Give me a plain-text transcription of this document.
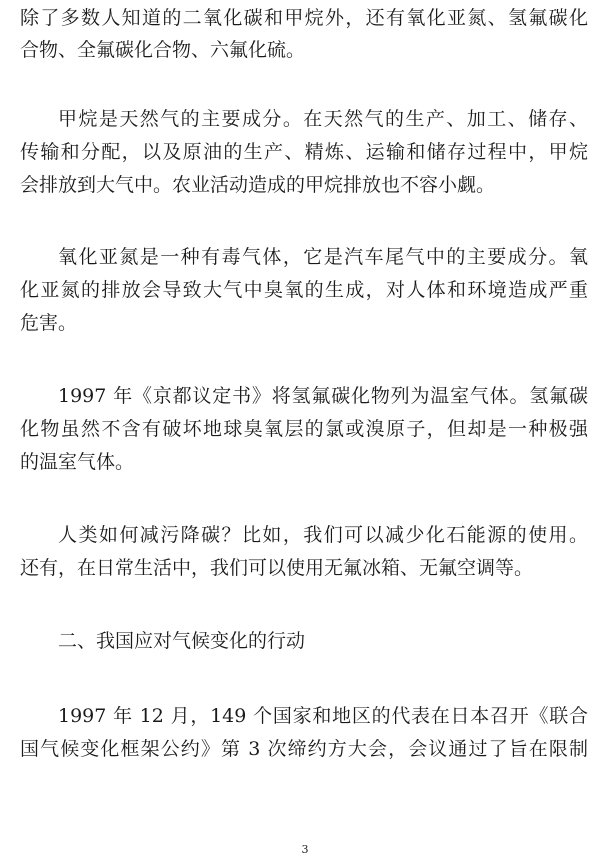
除了多数人知道的二氧化碳和甲烷外，还有氧化亚氮、氢氟碳化
合物、全氟碳化合物、六氟化硫。
甲烷是天然气的主要成分。在天然气的生产、加工、储存、
传输和分配，以及原油的生产、精炼、运输和储存过程中，甲烷
会排放到大气中。农业活动造成的甲烷排放也不容小觑。
氧化亚氮是一种有毒气体，它是汽车尾气中的主要成分。氧
化亚氮的排放会导致大气中臭氧的生成，对人体和环境造成严重
危害。
1997 年《京都议定书》将氢氟碳化物列为温室气体。氢氟碳
化物虽然不含有破坏地球臭氧层的氯或溴原子，但却是一种极强
的温室气体。
人类如何减污降碳？比如，我们可以减少化石能源的使用。
还有，在日常生活中，我们可以使用无氟冰箱、无氟空调等。
二、我国应对气候变化的行动
1997 年 12 月，149 个国家和地区的代表在日本召开《联合
国气候变化框架公约》第 3 次缔约方大会，会议通过了旨在限制
3
